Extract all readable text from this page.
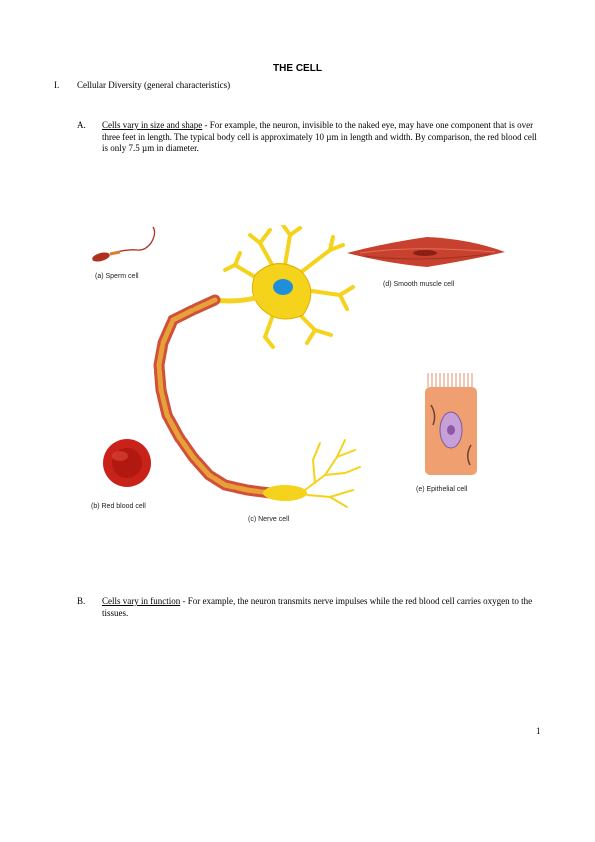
THE CELL
I. Cellular Diversity (general characteristics)
A. Cells vary in size and shape - For example, the neuron, invisible to the naked eye, may have one component that is over three feet in length. The typical body cell is approximately 10 µm in length and width. By comparison, the red blood cell is only 7.5 µm in diameter.
(a) Sperm cell
(d) Smooth muscle cell
(b) Red blood cell
(c) Nerve cell
(e) Epithelial cell
B. Cells vary in function - For example, the neuron transmits nerve impulses while the red blood cell carries oxygen to the tissues.
1
